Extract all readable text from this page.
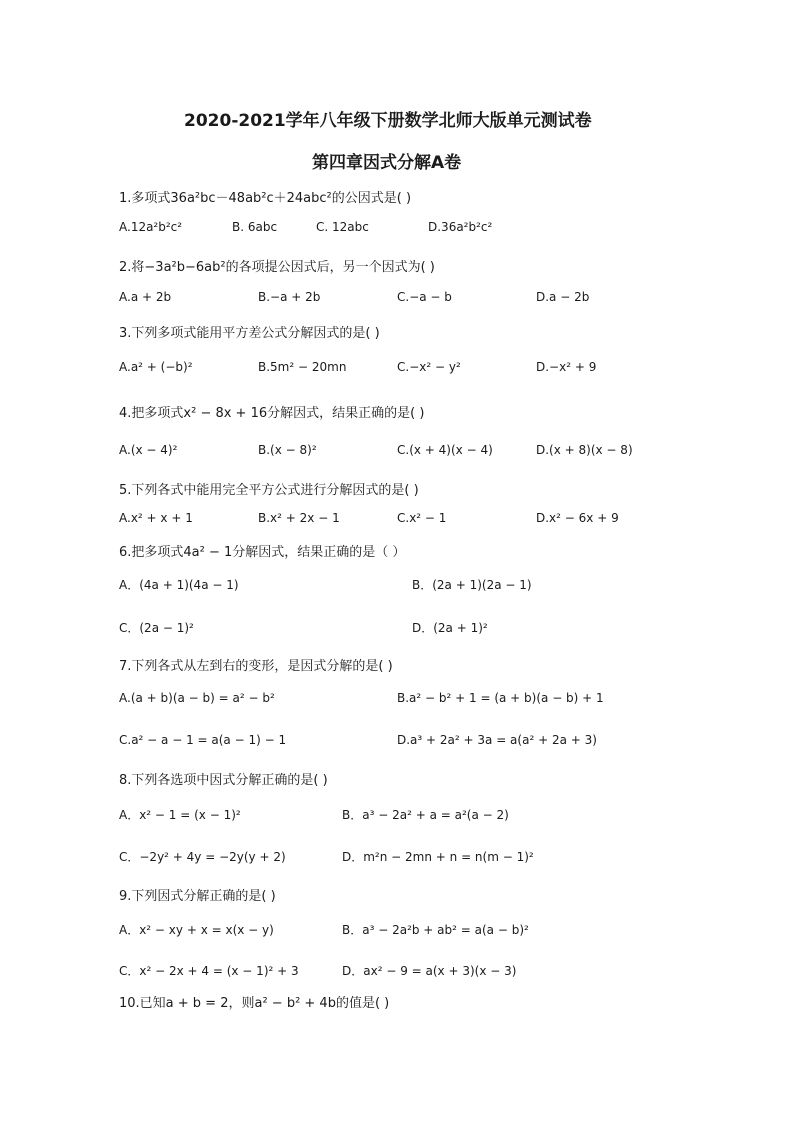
2020-2021学年八年级下册数学北师大版单元测试卷
第四章因式分解A卷
1.多项式36a²bc－48ab²c＋24abc²的公因式是( )
A.12a²b²c²	B. 6abc	C. 12abc	D.36a²b²c²
2.将−3a²b−6ab²的各项提公因式后，另一个因式为( )
A.a + 2b	B.−a + 2b	C.−a − b	D.a − 2b
3.下列多项式能用平方差公式分解因式的是( )
A.a² + (−b)²	B.5m² − 20mn	C.−x² − y²	D.−x² + 9
4.把多项式x² − 8x + 16分解因式，结果正确的是( )
A.(x − 4)²	B.(x − 8)²	C.(x + 4)(x − 4)	D.(x + 8)(x − 8)
5.下列各式中能用完全平方公式进行分解因式的是( )
A.x² + x + 1	B.x² + 2x − 1	C.x² − 1	D.x² − 6x + 9
6.把多项式4a² − 1分解因式，结果正确的是（ ）
A．(4a + 1)(4a − 1)	B．(2a + 1)(2a − 1)
C．(2a − 1)²	D．(2a + 1)²
7.下列各式从左到右的变形，是因式分解的是( )
A.(a + b)(a − b) = a² − b²	B.a² − b² + 1 = (a + b)(a − b) + 1
C.a² − a − 1 = a(a − 1) − 1	D.a³ + 2a² + 3a = a(a² + 2a + 3)
8.下列各选项中因式分解正确的是( )
A．x² − 1 = (x − 1)²	B．a³ − 2a² + a = a²(a − 2)
C．−2y² + 4y = −2y(y + 2)	D．m²n − 2mn + n = n(m − 1)²
9.下列因式分解正确的是( )
A．x² − xy + x = x(x − y)	B．a³ − 2a²b + ab² = a(a − b)²
C．x² − 2x + 4 = (x − 1)² + 3	D．ax² − 9 = a(x + 3)(x − 3)
10.已知a + b = 2，则a² − b² + 4b的值是( )
